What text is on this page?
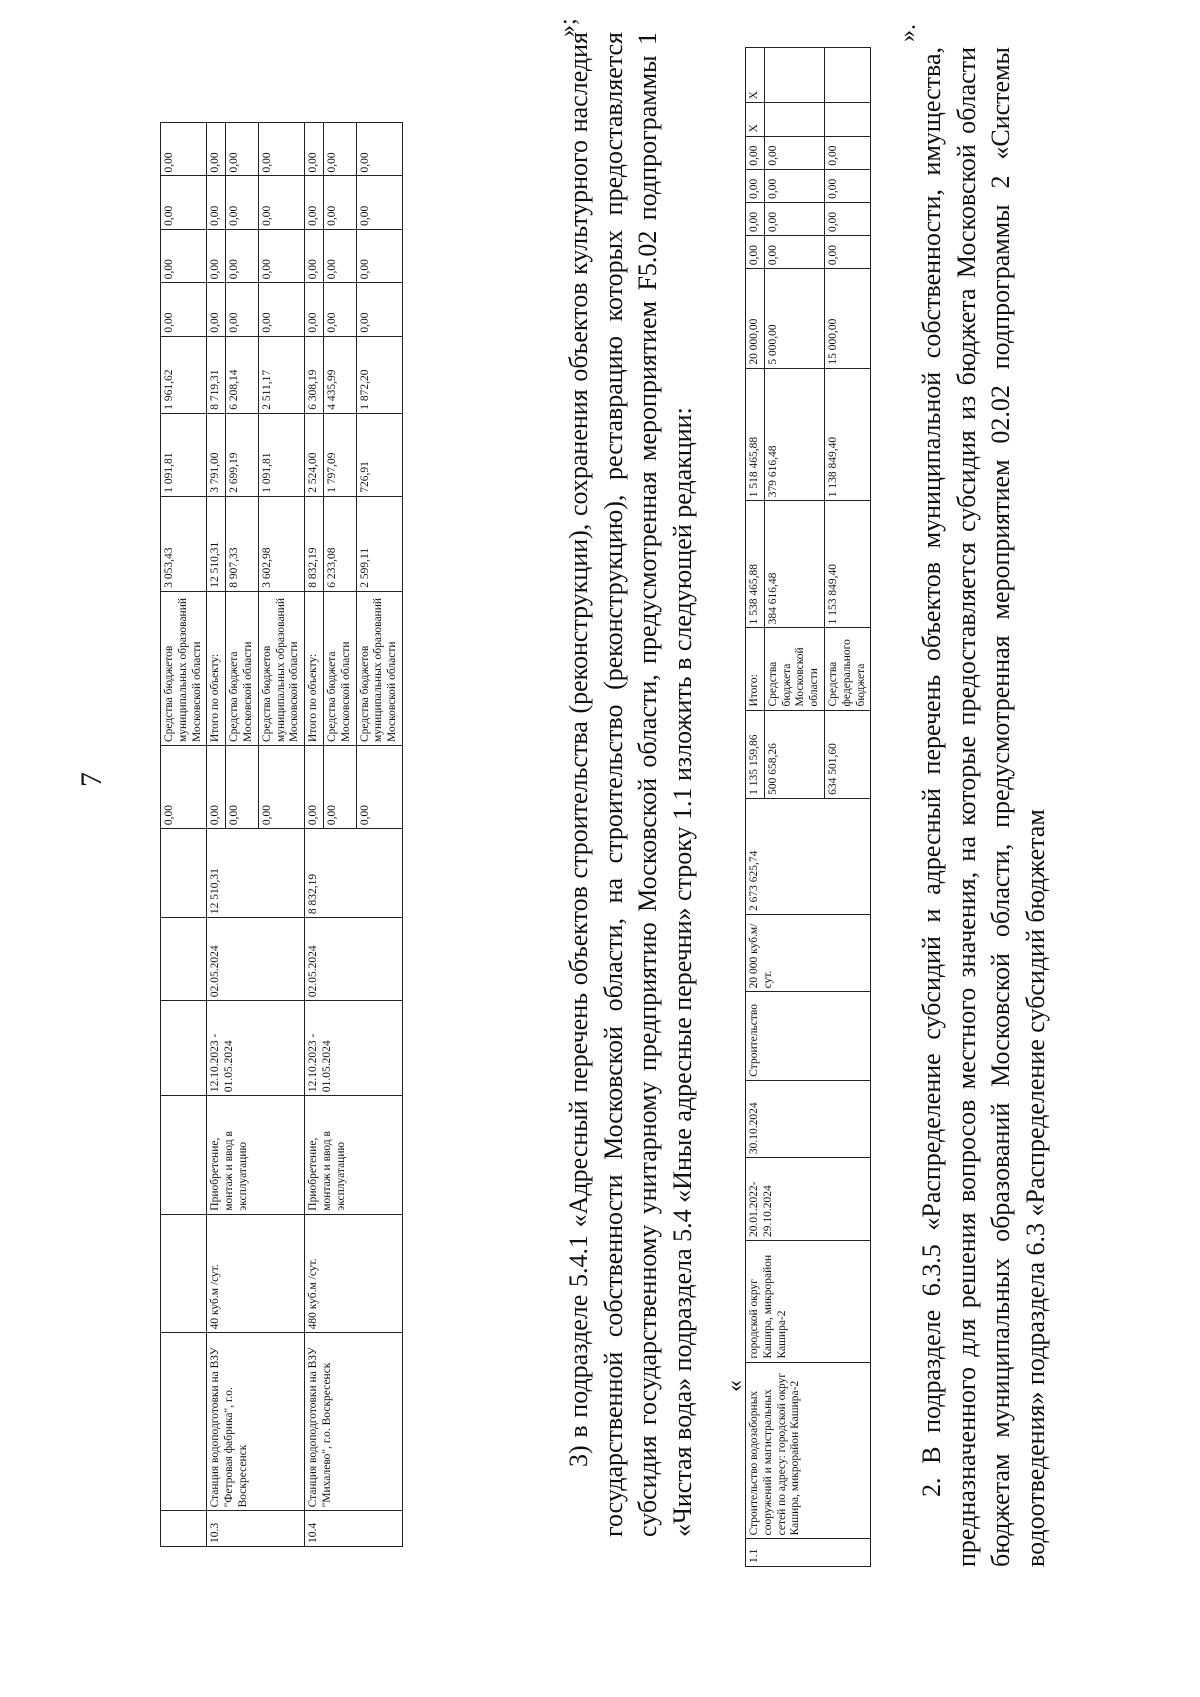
7
							0,00	Средства бюджетов муниципальных образований Московской области	3 053,43	1 091,81	1 961,62	0,00	0,00	0,00	0,00
10.3	Станция водоподготовки на ВЗУ "Фетровая фабрика", г.о. Воскресенск	40 куб.м /сут.	Приобретение, монтаж и ввод в эксплуатацию	12.10.2023 - 01.05.2024	02.05.2024	12 510,31	0,00	Итого по объекту:	12 510,31	3 791,00	8 719,31	0,00	0,00	0,00	0,00
							0,00	Средства бюджета Московской области	8 907,33	2 699,19	6 208,14	0,00	0,00	0,00	0,00
							0,00	Средства бюджетов муниципальных образований Московской области	3 602,98	1 091,81	2 511,17	0,00	0,00	0,00	0,00
10.4	Станция водоподготовки на ВЗУ "Михалево", г.о. Воскресенск	480 куб.м /сут.	Приобретение, монтаж и ввод в эксплуатацию	12.10.2023 - 01.05.2024	02.05.2024	8 832,19	0,00	Итого по объекту:	8 832,19	2 524,00	6 308,19	0,00	0,00	0,00	0,00
							0,00	Средства бюджета Московской области	6 233,08	1 797,09	4 435,99	0,00	0,00	0,00	0,00
							0,00	Средства бюджетов муниципальных образований Московской области	2 599,11	726,91	1 872,20	0,00	0,00	0,00	0,00
»;
3) в подразделе 5.4.1 «Адресный перечень объектов строительства (реконструкции), сохранения объектов культурного наследия государственной собственности Московской области, на строительство (реконструкцию), реставрацию которых предоставляется субсидия государственному унитарному предприятию Московской области, предусмотренная мероприятием F5.02 подпрограммы 1 «Чистая вода» подраздела 5.4 «Иные адресные перечни» строку 1.1 изложить в следующей редакции: «
1.1	Строительство водозаборных сооружений и магистральных сетей по адресу: городской округ Кашира, микрорайон Кашира-2	городской округ Кашира, микрорайон Кашира-2	20.01.2022- 29.10.2024	30.10.2024	Строительство	20 000 куб.м/сут.	2 673 625,74	1 135 159,86	Итого:	1 538 465,88	1 518 465,88	20 000,00	0,00	0,00	0,00	0,00	X	X
								500 658,26	Средства бюджета Московской области	384 616,48	379 616,48	5 000,00	0,00	0,00	0,00	0,00		
								634 501,60	Средства федерального бюджета	1 153 849,40	1 138 849,40	15 000,00	0,00	0,00	0,00	0,00		
».
2. В подразделе 6.3.5 «Распределение субсидий и адресный перечень объектов муниципальной собственности, имущества, предназначенного для решения вопросов местного значения, на которые предоставляется субсидия из бюджета Московской области бюджетам муниципальных образований Московской области, предусмотренная мероприятием 02.02 подпрограммы 2 «Системы водоотведения» подраздела 6.3 «Распределение субсидий бюджетам
